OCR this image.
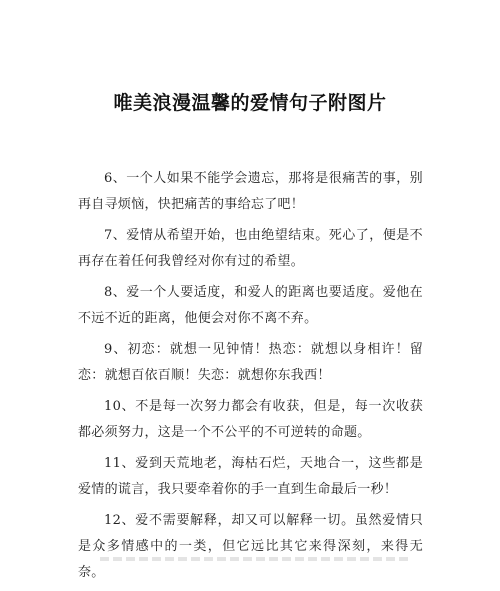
唯美浪漫温馨的爱情句子附图片

6、一个人如果不能学会遗忘，那将是很痛苦的事，别再自寻烦恼，快把痛苦的事给忘了吧！

7、爱情从希望开始，也由绝望结束。死心了，便是不再存在着任何我曾经对你有过的希望。

8、爱一个人要适度，和爱人的距离也要适度。爱他在不远不近的距离，他便会对你不离不弃。

9、初恋：就想一见钟情！热恋：就想以身相许！留恋：就想百依百顺！失恋：就想你东我西！

10、不是每一次努力都会有收获，但是，每一次收获都必须努力，这是一个不公平的不可逆转的命题。

11、爱到天荒地老，海枯石烂，天地合一，这些都是爱情的谎言，我只要牵着你的手一直到生命最后一秒！

12、爱不需要解释，却又可以解释一切。虽然爱情只是众多情感中的一类，但它远比其它来得深刻，来得无奈。
